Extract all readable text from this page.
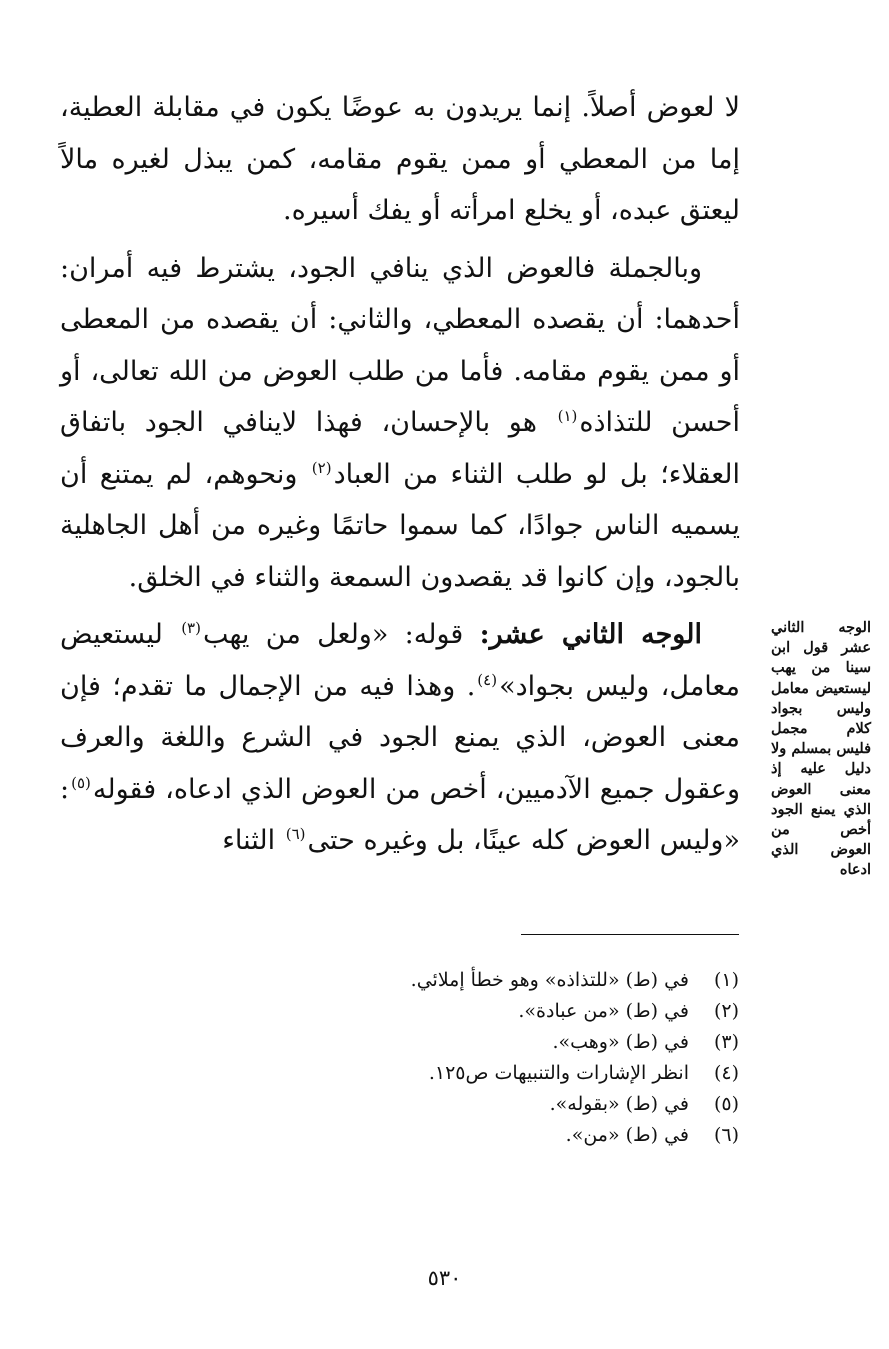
لا لعوض أصلاً. إنما يريدون به عوضًا يكون في مقابلة العطية، إما من المعطي أو ممن يقوم مقامه، كمن يبذل لغيره مالاً ليعتق عبده، أو يخلع امرأته أو يفك أسيره.

وبالجملة فالعوض الذي ينافي الجود، يشترط فيه أمران: أحدهما: أن يقصده المعطي، والثاني: أن يقصده من المعطى أو ممن يقوم مقامه. فأما من طلب العوض من الله تعالى، أو أحسن للتذاذه$^{(١)}$ هو بالإحسان، فهذا لاينافي الجود باتفاق العقلاء؛ بل لو طلب الثناء من العباد$^{(٢)}$ ونحوهم، لم يمتنع أن يسميه الناس جوادًا، كما سموا حاتمًا وغيره من أهل الجاهلية بالجود، وإن كانوا قد يقصدون السمعة والثناء في الخلق.

الوجه الثاني عشر: قوله: «ولعل من يهب$^{(٣)}$ ليستعيض معامل، وليس بجواد»$^{(٤)}$. وهذا فيه من الإجمال ما تقدم؛ فإن معنى العوض، الذي يمنع الجود في الشرع واللغة والعرف وعقول جميع الآدميين، أخص من العوض الذي ادعاه، فقوله$^{(٥)}$: «وليس العوض كله عينًا، بل وغيره حتى$^{(٦)}$ الثناء

الوجه الثاني عشر قول ابن سينا من يهب ليستعيض معامل وليس بجواد كلام مجمل فليس بمسلم ولا دليل عليه إذ معنى العوض الذي يمنع الجود أخص من العوض الذي ادعاه
(١)
في (ط) «للتذاذه» وهو خطأ إملائي.
(٢)
في (ط) «من عبادة».
(٣)
في (ط) «وهب».
(٤)
انظر الإشارات والتنبيهات ص١٢٥.
(٥)
في (ط) «بقوله».
(٦)
في (ط) «من».
٥٣٠
